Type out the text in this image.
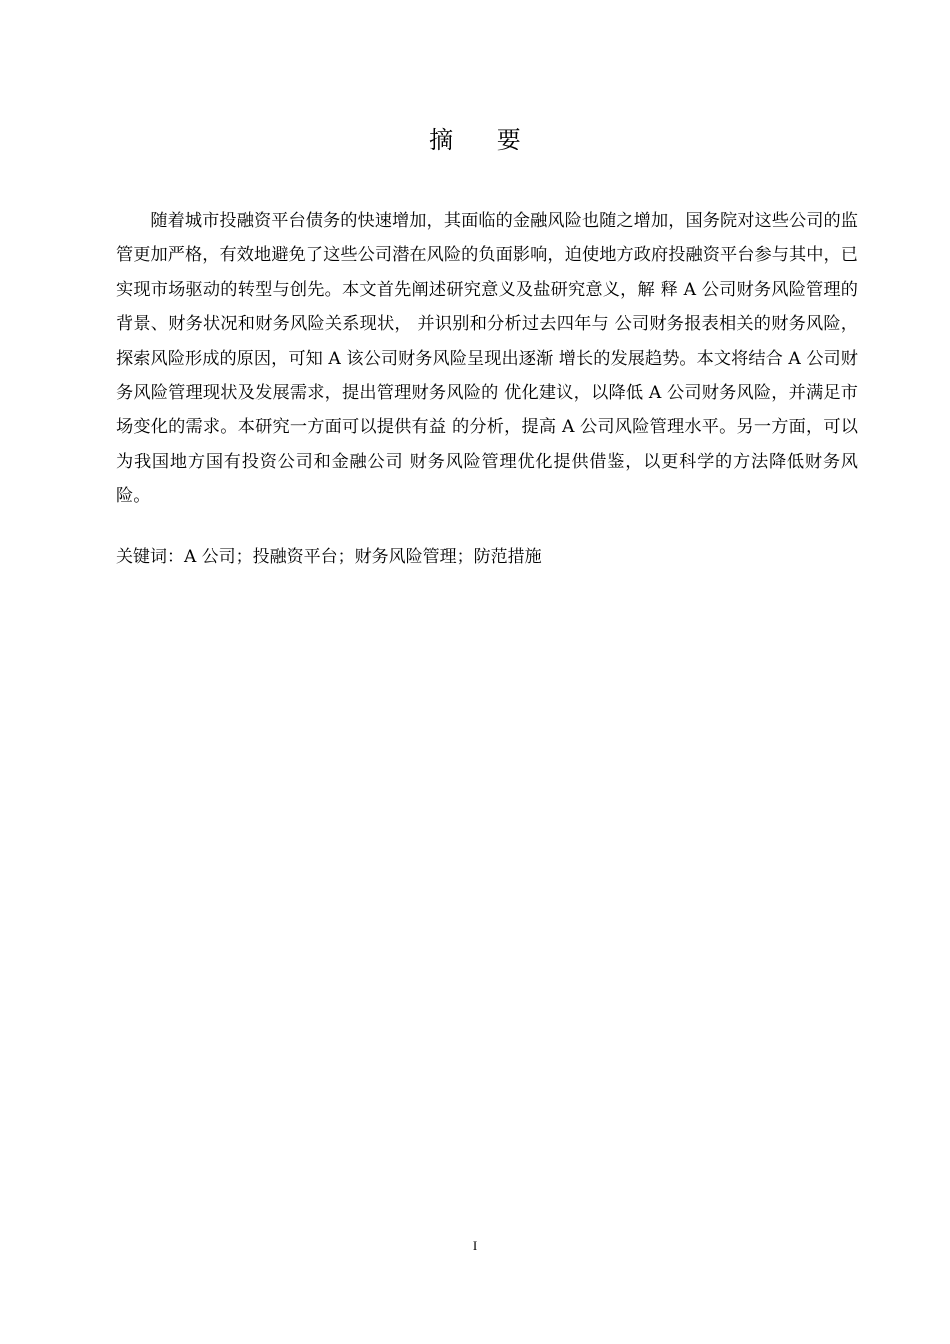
摘 要

随着城市投融资平台债务的快速增加，其面临的金融风险也随之增加，国务院对这些公司的监管更加严格，有效地避免了这些公司潜在风险的负面影响，迫使地方政府投融资平台参与其中，已实现市场驱动的转型与创先。本文首先阐述研究意义及盐研究意义，解 释 A 公司财务风险管理的背景、财务状况和财务风险关系现状， 并识别和分析过去四年与 公司财务报表相关的财务风险，探索风险形成的原因，可知 A 该公司财务风险呈现出逐渐 增长的发展趋势。本文将结合 A 公司财务风险管理现状及发展需求，提出管理财务风险的 优化建议，以降低 A 公司财务风险，并满足市场变化的需求。本研究一方面可以提供有益 的分析，提高 A 公司风险管理水平。另一方面，可以为我国地方国有投资公司和金融公司 财务风险管理优化提供借鉴，以更科学的方法降低财务风险。

关键词：A 公司；投融资平台；财务风险管理；防范措施

I
